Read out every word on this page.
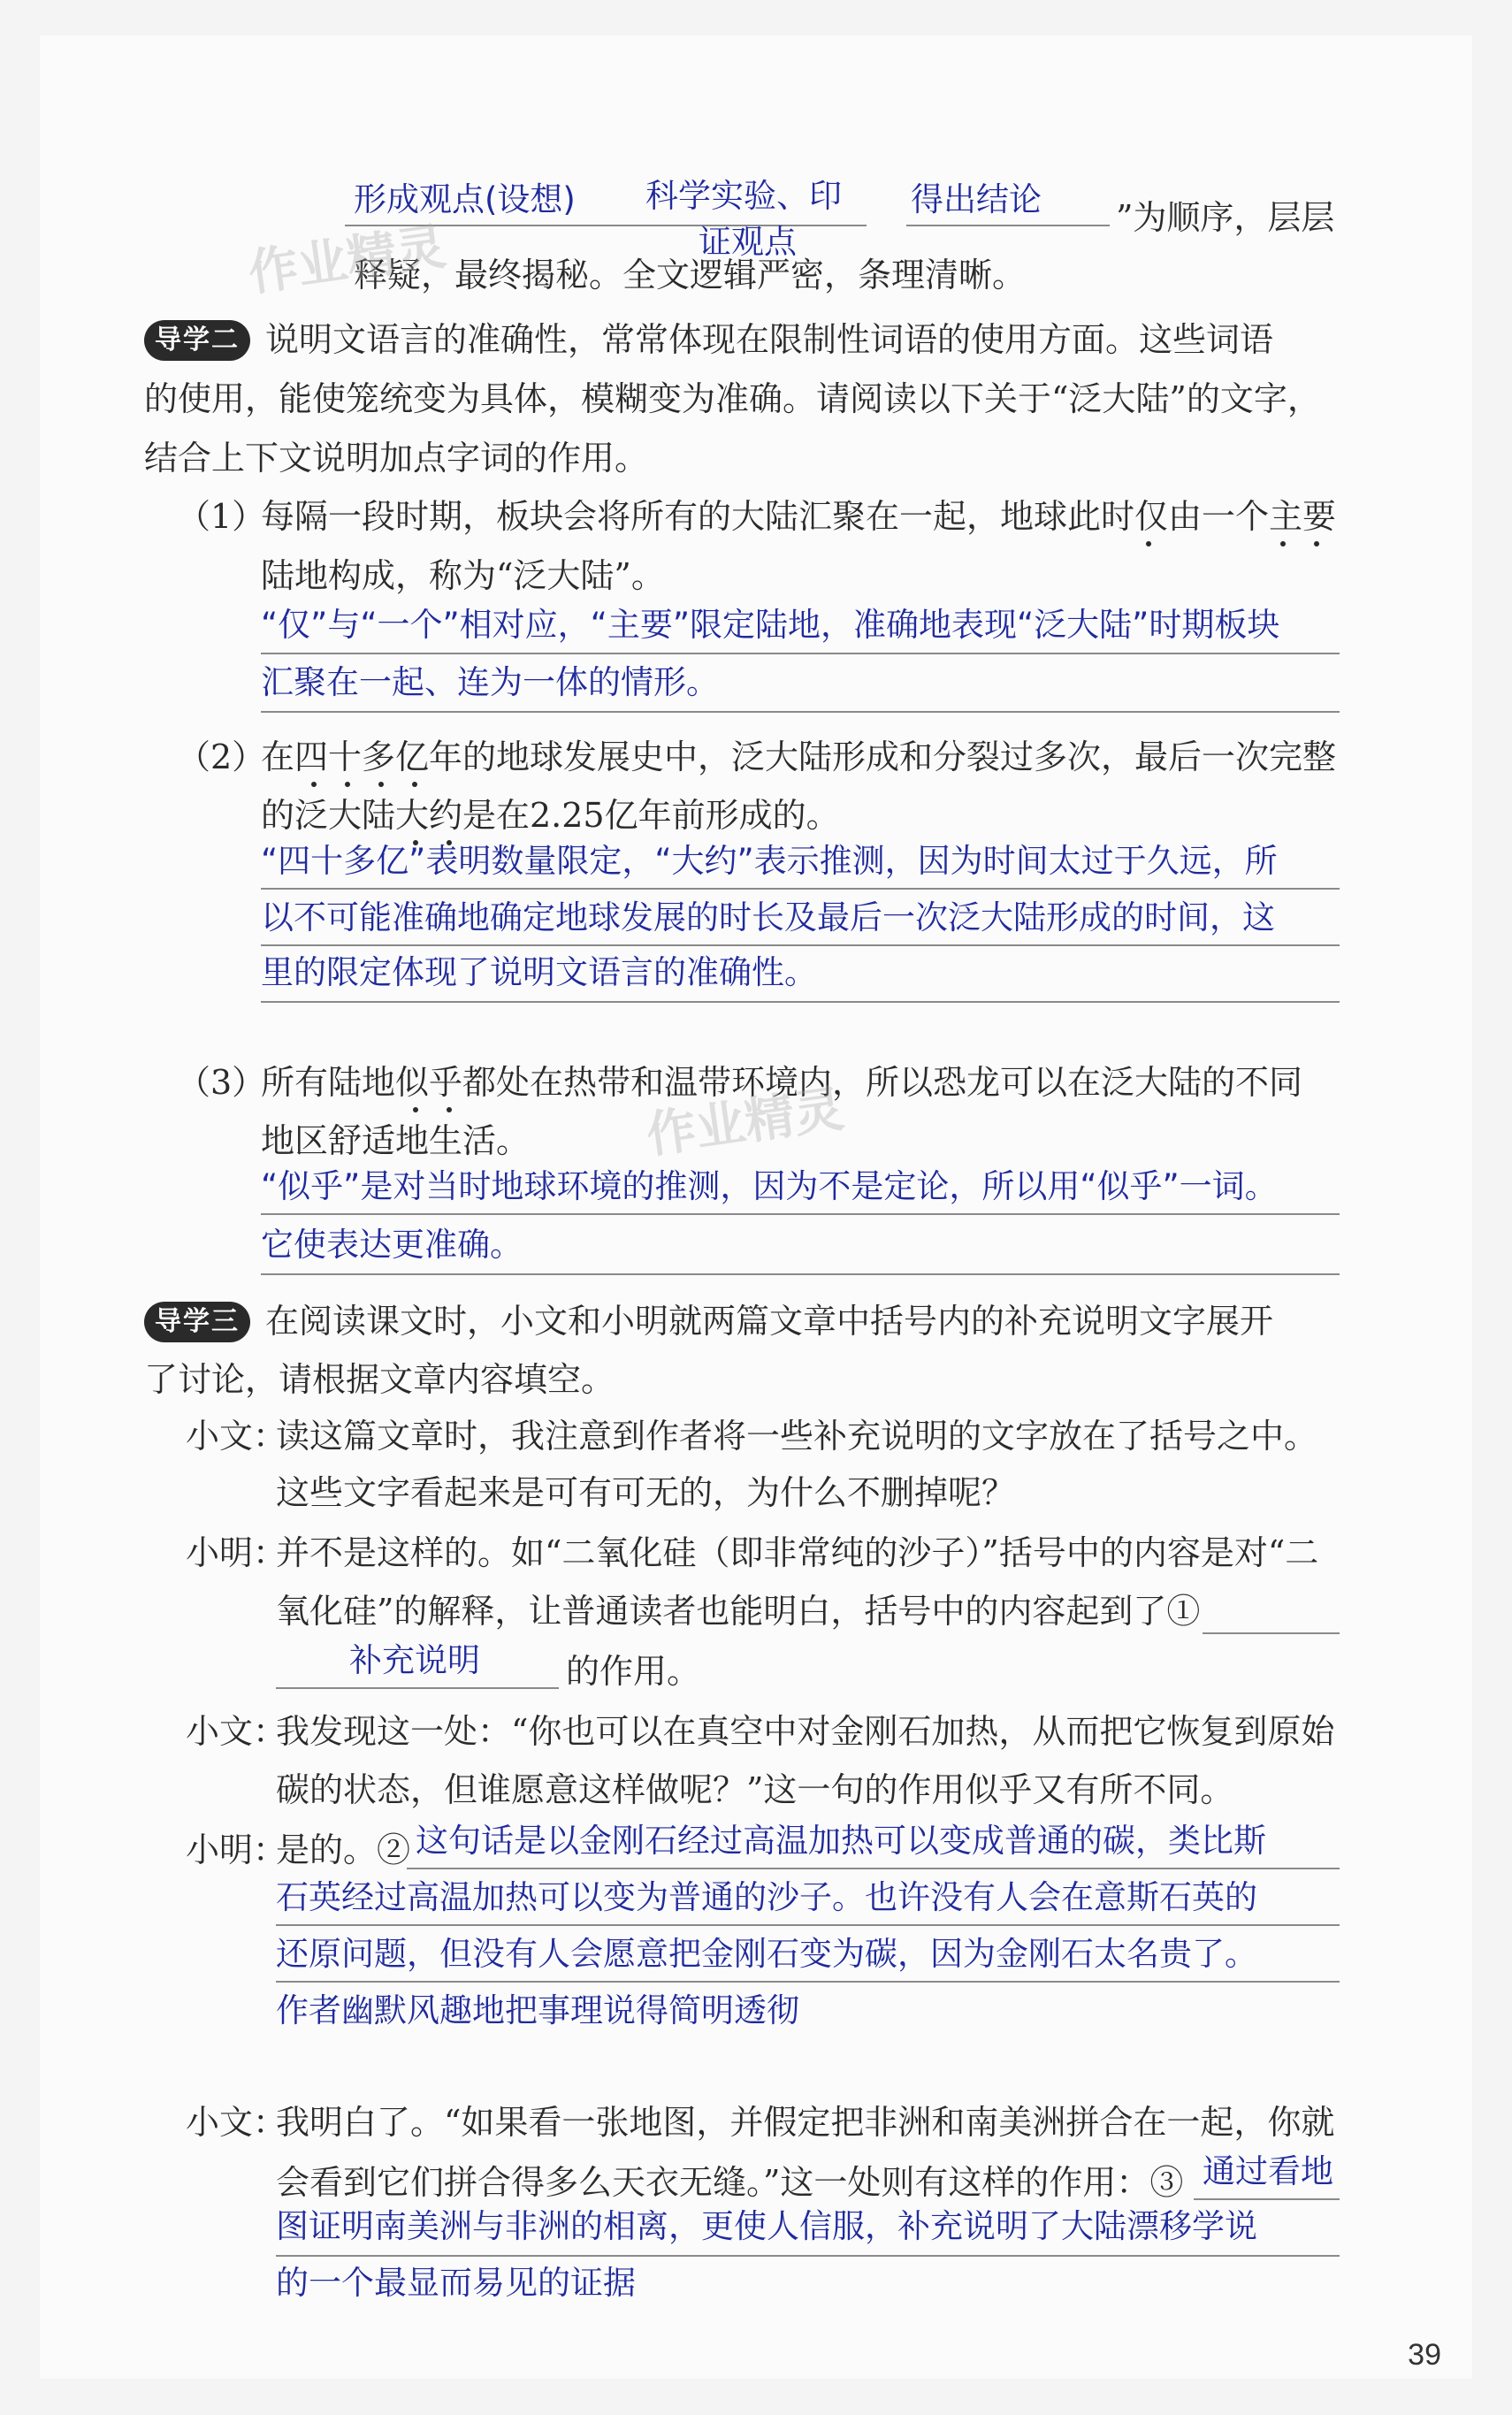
形成观点(设想) 科学实验、印
证观点
得出结论 ”为顺序，层层
释疑，最终揭秘。全文逻辑严密，条理清晰。
作业精灵
导学二 说明文语言的准确性，常常体现在限制性词语的使用方面。这些词语
的使用，能使笼统变为具体，模糊变为准确。请阅读以下关于“泛大陆”的文字，
结合上下文说明加点字词的作用。
（1）
每隔一段时期，板块会将所有的大陆汇聚在一起，地球此时仅由一个主要
陆地构成，称为“泛大陆”。
“仅”与“一个”相对应，“主要”限定陆地，准确地表现“泛大陆”时期板块
汇聚在一起、连为一体的情形。
（2）
在四十多亿年的地球发展史中，泛大陆形成和分裂过多次，最后一次完整
的泛大陆大约是在2.25亿年前形成的。
“四十多亿”表明数量限定，“大约”表示推测，因为时间太过于久远，所
以不可能准确地确定地球发展的时长及最后一次泛大陆形成的时间，这
里的限定体现了说明文语言的准确性。
（3）
所有陆地似乎都处在热带和温带环境内，所以恐龙可以在泛大陆的不同
地区舒适地生活。 作业精灵
“似乎”是对当时地球环境的推测，因为不是定论，所以用“似乎”一词。
它使表达更准确。
导学三 在阅读课文时，小文和小明就两篇文章中括号内的补充说明文字展开
了讨论，请根据文章内容填空。
小文：
读这篇文章时，我注意到作者将一些补充说明的文字放在了括号之中。
这些文字看起来是可有可无的，为什么不删掉呢？
小明：
并不是这样的。如“二氧化硅（即非常纯的沙子）”括号中的内容是对“二
氧化硅”的解释，让普通读者也能明白，括号中的内容起到了①
补充说明	的作用。
小文：
我发现这一处：“你也可以在真空中对金刚石加热，从而把它恢复到原始
碳的状态，但谁愿意这样做呢？”这一句的作用似乎又有所不同。
小明：
是的。② 这句话是以金刚石经过高温加热可以变成普通的碳，类比斯
石英经过高温加热可以变为普通的沙子。也许没有人会在意斯石英的
还原问题，但没有人会愿意把金刚石变为碳，因为金刚石太名贵了。
作者幽默风趣地把事理说得简明透彻
小文：
我明白了。“如果看一张地图，并假定把非洲和南美洲拼合在一起，你就
会看到它们拼合得多么天衣无缝。”这一处则有这样的作用：③ 通过看地
图证明南美洲与非洲的相离，更使人信服，补充说明了大陆漂移学说
的一个最显而易见的证据
39
